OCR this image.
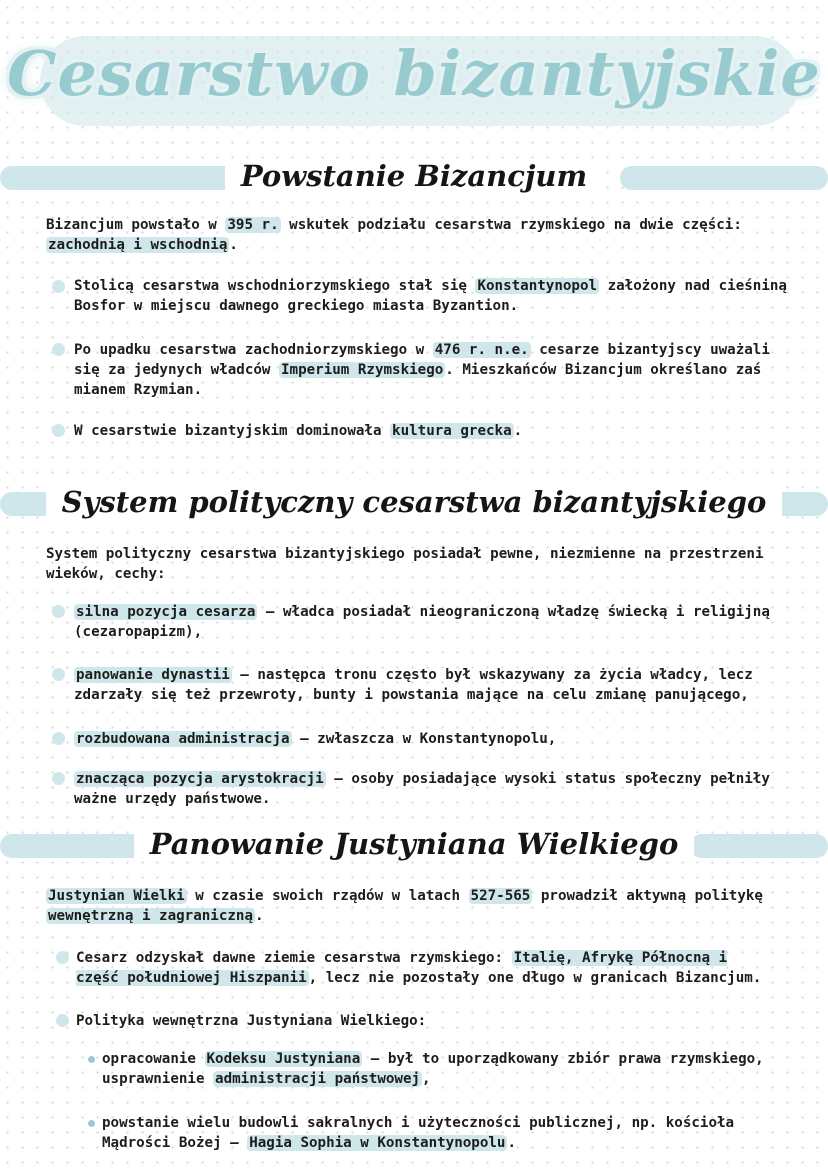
Cesarstwo bizantyjskie
Powstanie Bizancjum
Bizancjum powstało w 395 r. wskutek podziału cesarstwa rzymskiego na dwie części: zachodnią i wschodnią .
Stolicą cesarstwa wschodniorzymskiego stał się Konstantynopol założony nad cieśniną Bosfor w miejscu dawnego greckiego miasta Byzantion.
Po upadku cesarstwa zachodniorzymskiego w 476 r. n.e. cesarze bizantyjscy uważali się za jedynych władców Imperium Rzymskiego . Mieszkańców Bizancjum określano zaś mianem Rzymian.
W cesarstwie bizantyjskim dominowała kultura grecka .
System polityczny cesarstwa bizantyjskiego
System polityczny cesarstwa bizantyjskiego posiadał pewne, niezmienne na przestrzeni wieków, cechy:
silna pozycja cesarza – władca posiadał nieograniczoną władzę świecką i religijną (cezaropapizm),
panowanie dynastii – następca tronu często był wskazywany za życia władcy, lecz zdarzały się też przewroty, bunty i powstania mające na celu zmianę panującego,
rozbudowana administracja – zwłaszcza w Konstantynopolu,
znacząca pozycja arystokracji – osoby posiadające wysoki status społeczny pełniły ważne urzędy państwowe.
Panowanie Justyniana Wielkiego
Justynian Wielki w czasie swoich rządów w latach 527-565 prowadził aktywną politykę wewnętrzną i zagraniczną .
Cesarz odzyskał dawne ziemie cesarstwa rzymskiego: Italię, Afrykę Północną i część południowej Hiszpanii , lecz nie pozostały one długo w granicach Bizancjum.
Polityka wewnętrzna Justyniana Wielkiego:
opracowanie Kodeksu Justyniana – był to uporządkowany zbiór prawa rzymskiego, usprawnienie administracji państwowej ,
powstanie wielu budowli sakralnych i użyteczności publicznej, np. kościoła Mądrości Bożej – Hagia Sophia w Konstantynopolu .
